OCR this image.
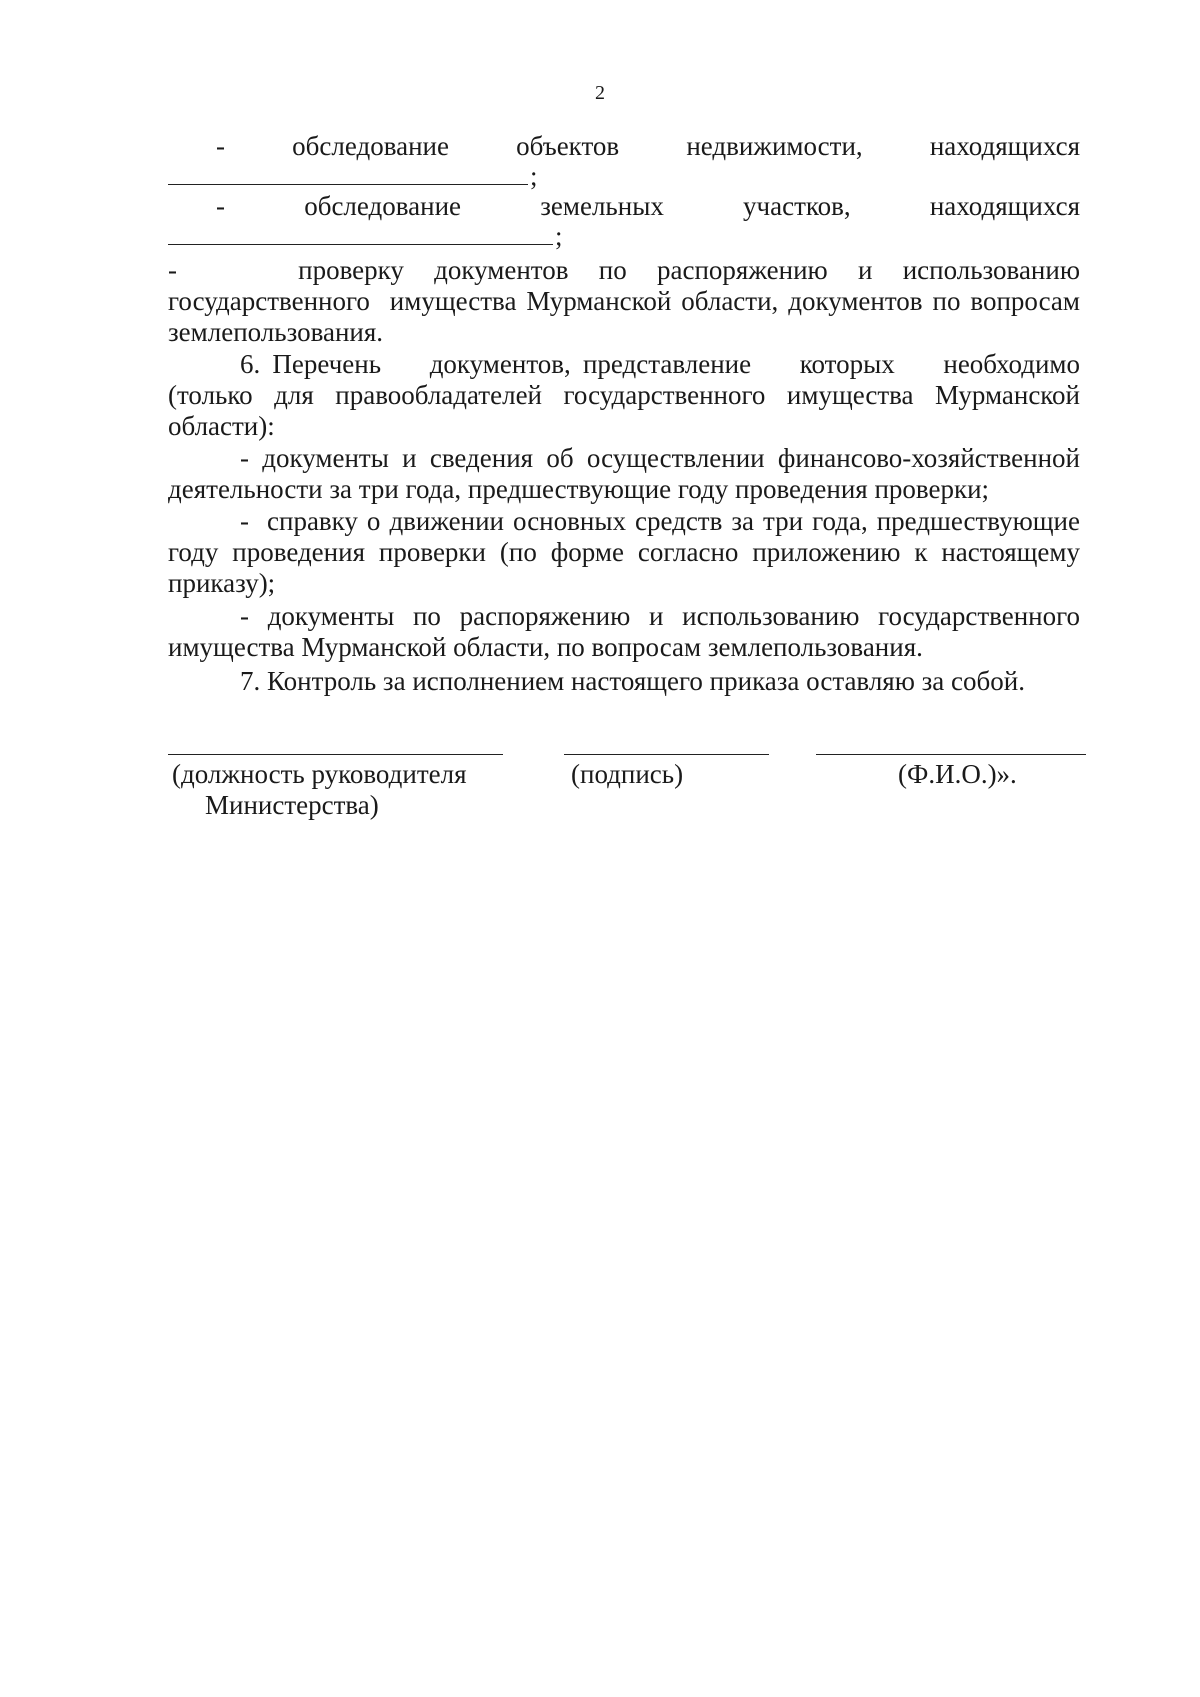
2
- обследование объектов недвижимости, находящихся
;
-	обследование	земельных	участков,	находящихся
;
-    проверку документов по распоряжению и использованию
государственного  имущества Мурманской области, документов по вопросам
землепользования.
6. Перечень    документов, представление    которых    необходимо
(только для правообладателей государственного имущества Мурманской
области):
- документы и сведения об осуществлении финансово-хозяйственной
деятельности за три года, предшествующие году проведения проверки;
-  справку о движении основных средств за три года, предшествующие
году проведения проверки (по форме согласно приложению к настоящему
приказу);
- документы по распоряжению и использованию государственного
имущества Мурманской области, по вопросам землепользования.
7. Контроль за исполнением настоящего приказа оставляю за собой.
(должность руководителя
Министерства)
(подпись)	(Ф.И.О.)».
